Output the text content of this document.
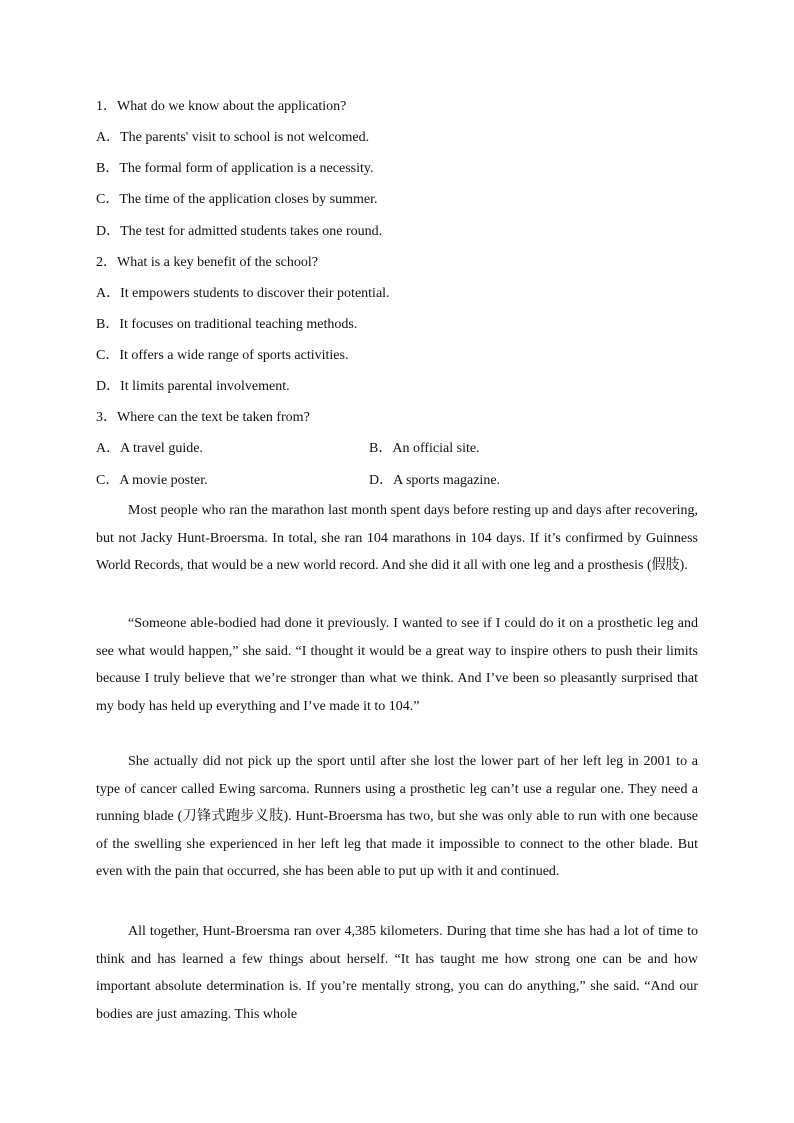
1．What do we know about the application?
A．The parents' visit to school is not welcomed.
B．The formal form of application is a necessity.
C．The time of the application closes by summer.
D．The test for admitted students takes one round.
2．What is a key benefit of the school?
A．It empowers students to discover their potential.
B．It focuses on traditional teaching methods.
C．It offers a wide range of sports activities.
D．It limits parental involvement.
3．Where can the text be taken from?
A．A travel guide.	B．An official site.
C．A movie poster.	D．A sports magazine.

Most people who ran the marathon last month spent days before resting up and days after recovering, but not Jacky Hunt-Broersma. In total, she ran 104 marathons in 104 days. If it’s confirmed by Guinness World Records, that would be a new world record. And she did it all with one leg and a prosthesis (假肢).

“Someone able-bodied had done it previously. I wanted to see if I could do it on a prosthetic leg and see what would happen,” she said. “I thought it would be a great way to inspire others to push their limits because I truly believe that we’re stronger than what we think. And I’ve been so pleasantly surprised that my body has held up everything and I’ve made it to 104.”

She actually did not pick up the sport until after she lost the lower part of her left leg in 2001 to a type of cancer called Ewing sarcoma. Runners using a prosthetic leg can’t use a regular one. They need a running blade (刀锋式跑步义肢). Hunt-Broersma has two, but she was only able to run with one because of the swelling she experienced in her left leg that made it impossible to connect to the other blade. But even with the pain that occurred, she has been able to put up with it and continued.

All together, Hunt-Broersma ran over 4,385 kilometers. During that time she has had a lot of time to think and has learned a few things about herself. “It has taught me how strong one can be and how important absolute determination is. If you’re mentally strong, you can do anything,” she said. “And our bodies are just amazing. This whole
